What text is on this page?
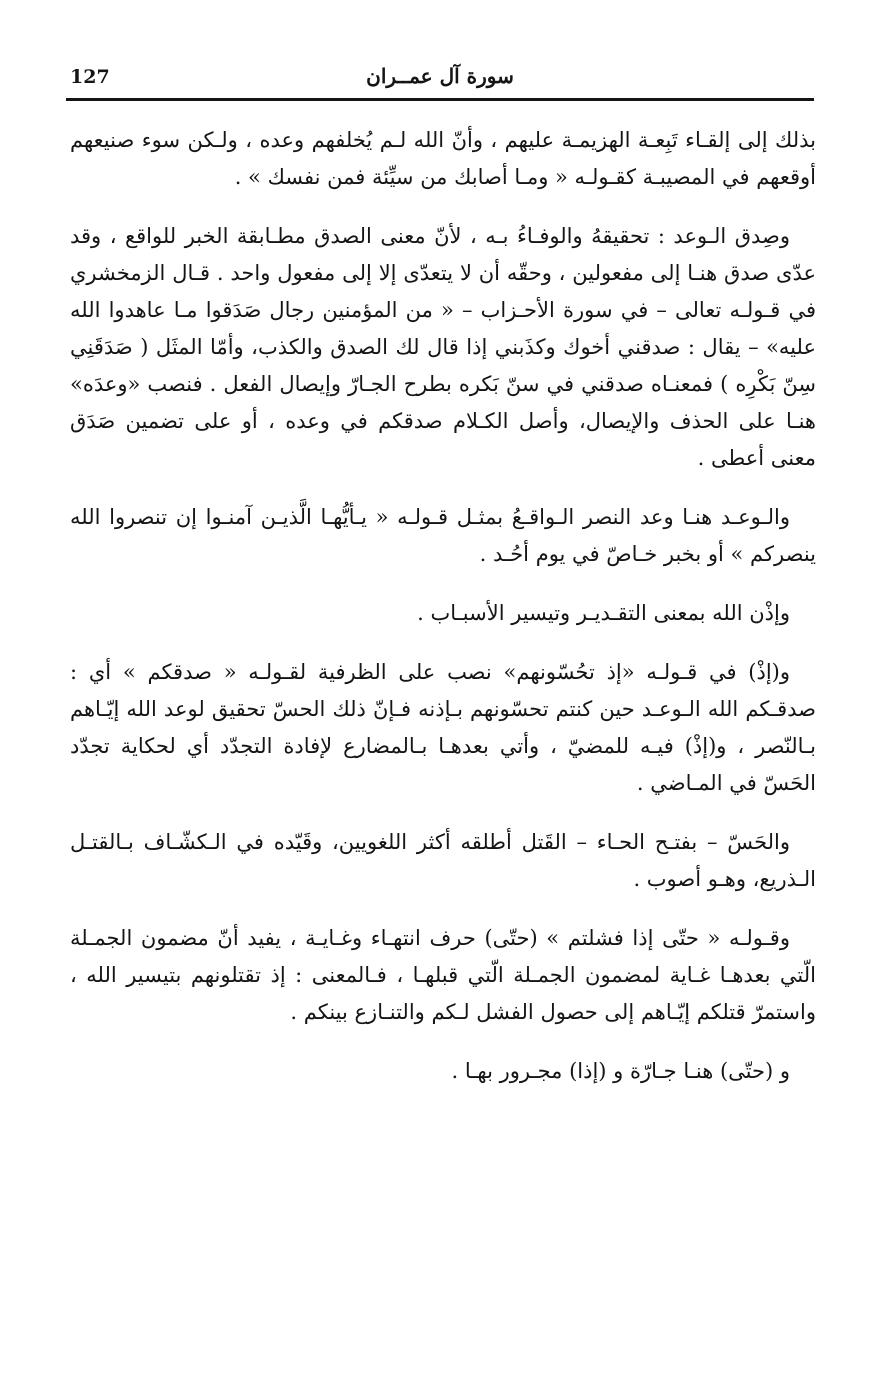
127	سورة آل عمــران

بذلك إلى إلقـاء تَبِعـة الهزيمـة عليهم ، وأنّ الله لـم يُخلفهم وعده ، ولـكن سوء صنيعهم أوقعهم في المصيبـة كقـولـه « ومـا أصابك من سيِّئة فمن نفسك » .

وصِدق الـوعد : تحقيقهُ والوفـاءُ بـه ، لأنّ معنى الصدق مطـابقة الخبر للواقع ، وقد عدّى صدق هنـا إلى مفعولين ، وحقّه أن لا يتعدّى إلا إلى مفعول واحد . قـال الزمخشري في قـولـه تعالى – في سورة الأحـزاب – « من المؤمنين رجال صَدَقوا مـا عاهدوا الله عليه» – يقال : صدقني أخوك وكذَبني إذا قال لك الصدق والكذب، وأمّا المثَل ( صَدَقَنِي سِنّ بَكْرِه ) فمعنـاه صدقني في سنّ بَكره بطرح الجـارّ وإيصال الفعل . فنصب «وعدَه» هنـا على الحذف والإيصال، وأصل الكـلام صدقكم في وعده ، أو على تضمين صَدَق معنى أعطى .

والـوعـد هنـا وعد النصر الـواقـعُ بمثـل قـولـه « يـأيُّهـا الَّذيـن آمنـوا إن تنصروا الله ينصركم » أو بخبر خـاصّ في يوم أحُـد .

وإذْن الله بمعنى التقـديـر وتيسير الأسبـاب .

و(إذْ) في قـولـه «إذ تحُسّونهم» نصب على الظرفية لقـولـه « صدقكم » أي : صدقـكم الله الـوعـد حين كنتم تحسّونهم بـإذنه فـإنّ ذلك الحسّ تحقيق لوعد الله إيّـاهم بـالنّصر ، و(إذْ) فيـه للمضيّ ، وأتي بعدهـا بـالمضارع لإفادة التجدّد أي لحكاية تجدّد الحَسّ في المـاضي .

والحَسّ – بفتـح الحـاء – القَتل أطلقه أكثر اللغويين، وقَيّده في الـكشّـاف بـالقتـل الـذريع، وهـو أصوب .

وقـولـه « حتّى إذا فشلتم » (حتّى) حرف انتهـاء وغـايـة ، يفيد أنّ مضمون الجمـلة الّتي بعدهـا غـاية لمضمون الجمـلة الّتي قبلهـا ، فـالمعنى : إذ تقتلونهم بتيسير الله ، واستمرّ قتلكم إيّـاهم إلى حصول الفشل لـكم والتنـازع بينكم .

و (حتّى) هنـا جـارّة و (إذا) مجـرور بهـا .
